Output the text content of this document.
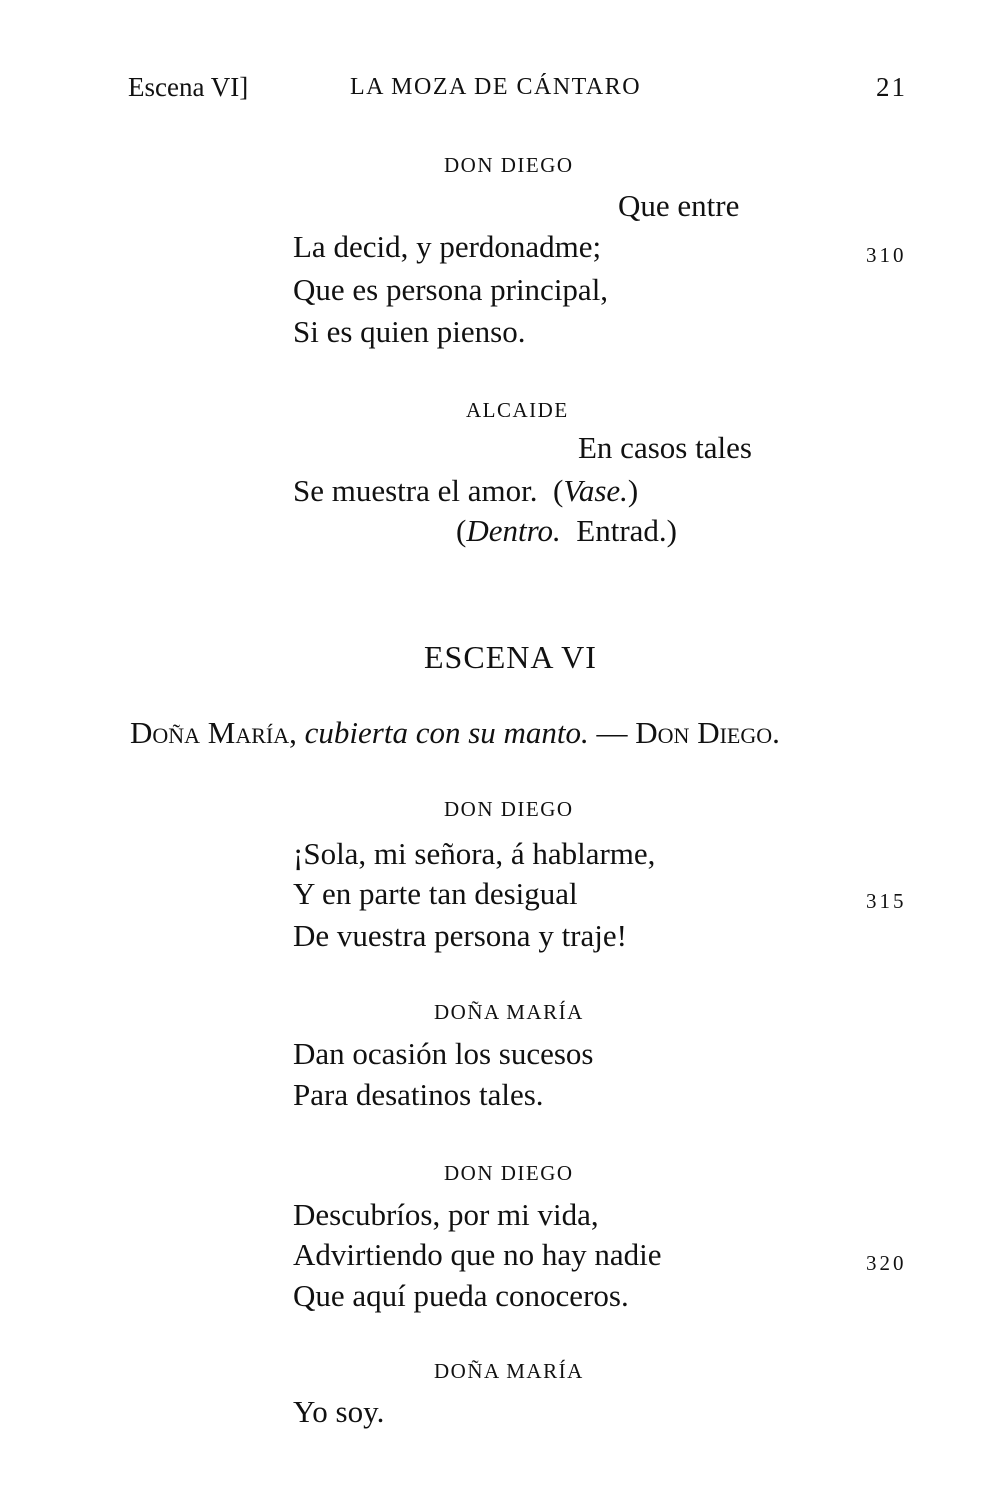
Escena VI]	LA MOZA DE CÁNTARO	21
DON DIEGO
Que entre
La decid, y perdonadme;	310
Que es persona principal,
Si es quien pienso.
ALCAIDE
En casos tales
Se muestra el amor. (Vase.)
(Dentro. Entrad.)
ESCENA VI
Doña María, cubierta con su manto. — Don Diego.
DON DIEGO
¡Sola, mi señora, á hablarme,
Y en parte tan desigual	315
De vuestra persona y traje!
DOÑA MARÍA
Dan ocasión los sucesos
Para desatinos tales.
DON DIEGO
Descubríos, por mi vida,
Advirtiendo que no hay nadie	320
Que aquí pueda conoceros.
DOÑA MARÍA
Yo soy.
